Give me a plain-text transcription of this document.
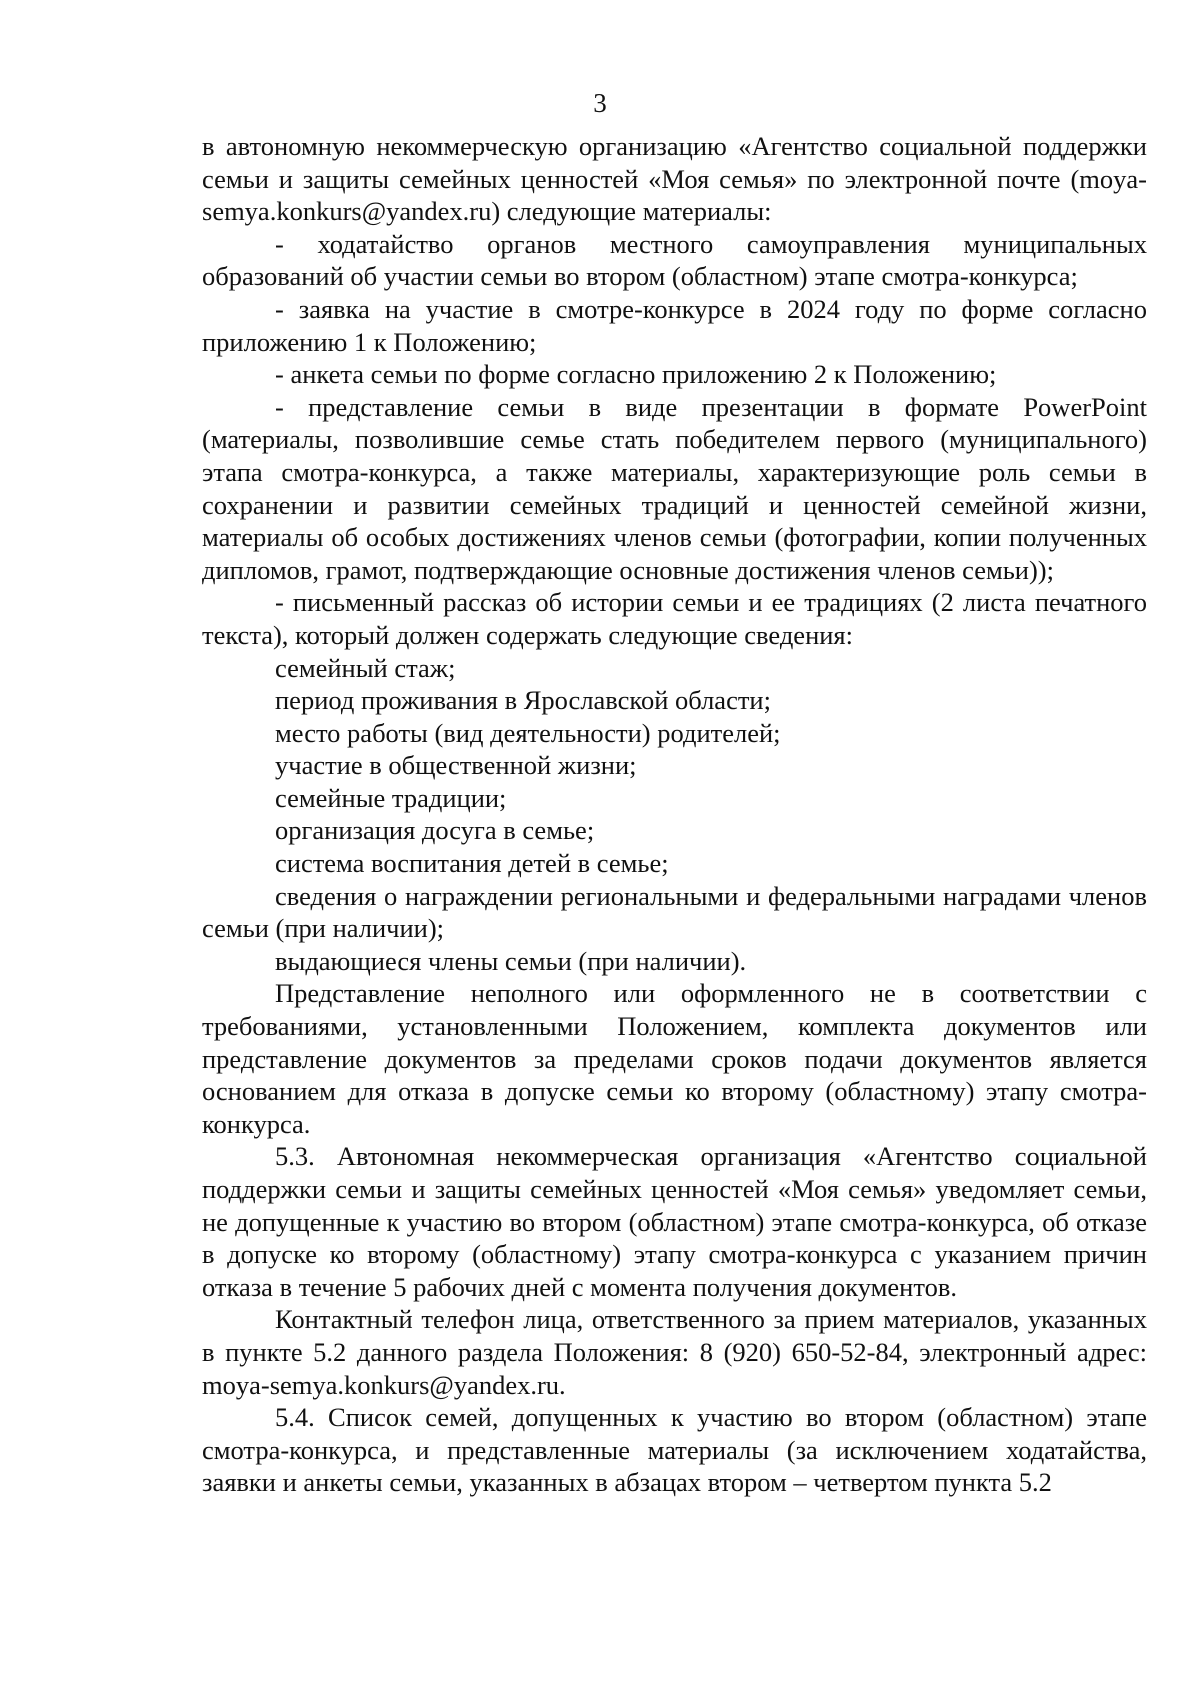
3

в автономную некоммерческую организацию «Агентство социальной поддержки семьи и защиты семейных ценностей «Моя семья» по электронной почте (moya-semya.konkurs@yandex.ru) следующие материалы:

- ходатайство органов местного самоуправления муниципальных образований об участии семьи во втором (областном) этапе смотра-конкурса;

- заявка на участие в смотре-конкурсе в 2024 году по форме согласно приложению 1 к Положению;

- анкета семьи по форме согласно приложению 2 к Положению;

- представление семьи в виде презентации в формате PowerPoint (материалы, позволившие семье стать победителем первого (муниципального) этапа смотра-конкурса, а также материалы, характеризующие роль семьи в сохранении и развитии семейных традиций и ценностей семейной жизни, материалы об особых достижениях членов семьи (фотографии, копии полученных дипломов, грамот, подтверждающие основные достижения членов семьи));

- письменный рассказ об истории семьи и ее традициях (2 листа печатного текста), который должен содержать следующие сведения:

семейный стаж;

период проживания в Ярославской области;

место работы (вид деятельности) родителей;

участие в общественной жизни;

семейные традиции;

организация досуга в семье;

система воспитания детей в семье;

сведения о награждении региональными и федеральными наградами членов семьи (при наличии);

выдающиеся члены семьи (при наличии).

Представление неполного или оформленного не в соответствии с требованиями, установленными Положением, комплекта документов или представление документов за пределами сроков подачи документов является основанием для отказа в допуске семьи ко второму (областному) этапу смотра-конкурса.

5.3. Автономная некоммерческая организация «Агентство социальной поддержки семьи и защиты семейных ценностей «Моя семья» уведомляет семьи, не допущенные к участию во втором (областном) этапе смотра-конкурса, об отказе в допуске ко второму (областному) этапу смотра-конкурса с указанием причин отказа в течение 5 рабочих дней с момента получения документов.

Контактный телефон лица, ответственного за прием материалов, указанных в пункте 5.2 данного раздела Положения: 8 (920) 650-52-84, электронный адрес: moya-semya.konkurs@yandex.ru.

5.4. Список семей, допущенных к участию во втором (областном) этапе смотра-конкурса, и представленные материалы (за исключением ходатайства, заявки и анкеты семьи, указанных в абзацах втором – четвертом пункта 5.2
